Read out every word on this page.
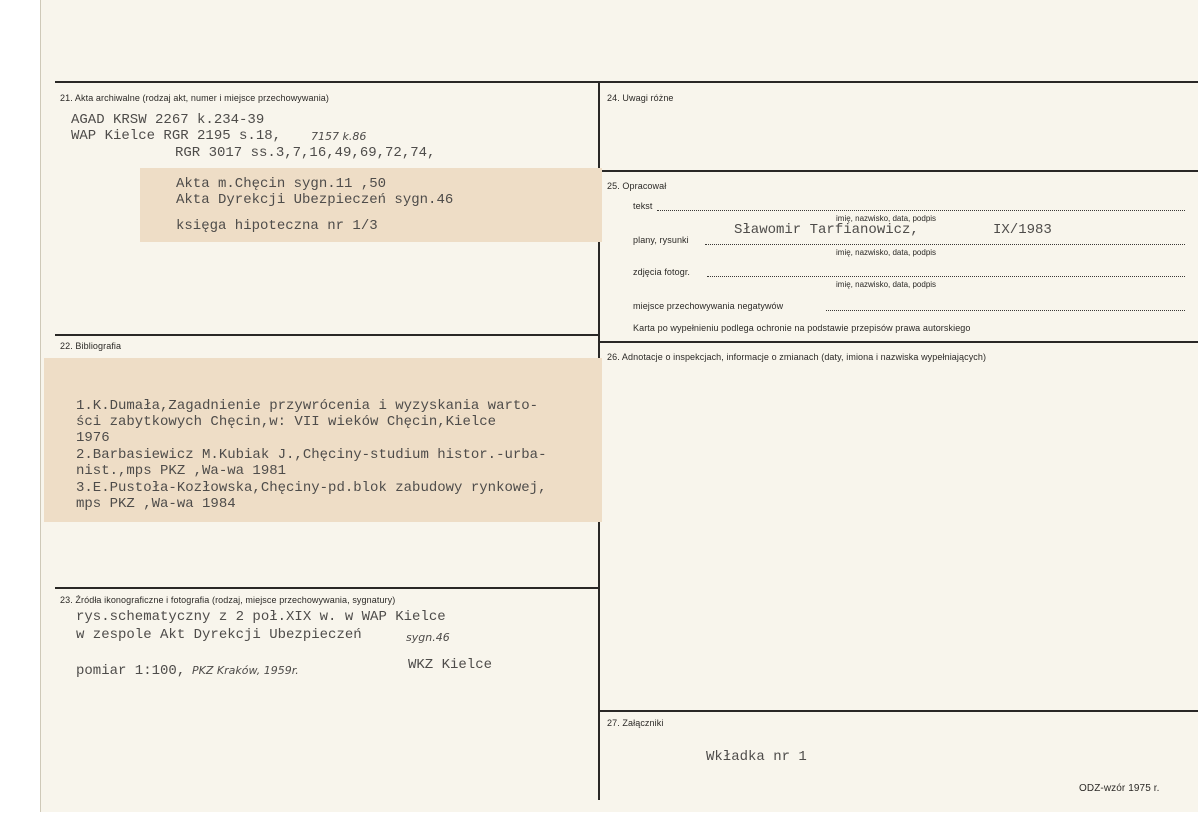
21. Akta archiwalne (rodzaj akt, numer i miejsce przechowywania)
AGAD KRSW 2267 k.234-39
WAP Kielce RGR 2195 s.18,	7157 k.86
RGR 3017 ss.3,7,16,49,69,72,74,
Akta m.Chęcin sygn.11 ,50
Akta Dyrekcji Ubezpieczeń sygn.46
księga hipoteczna nr 1/3
22. Bibliografia
1.K.Dumała,Zagadnienie przywrócenia i wyzyskania warto-
ści zabytkowych Chęcin,w: VII wieków Chęcin,Kielce
1976
2.Barbasiewicz M.Kubiak J.,Chęciny-studium histor.-urba-
nist.,mps PKZ ,Wa-wa 1981
3.E.Pustoła-Kozłowska,Chęciny-pd.blok zabudowy rynkowej,
mps PKZ ,Wa-wa 1984
23. Źródła ikonograficzne i fotografia (rodzaj, miejsce przechowywania, sygnatury)
rys.schematyczny z 2 poł.XIX w. w WAP Kielce
w zespole Akt Dyrekcji Ubezpieczeń	sygn.46
pomiar 1:100, PKZ Kraków, 1959r.	WKZ Kielce
24. Uwagi różne
25. Opracował
tekst
imię, nazwisko, data, podpis
plany, rysunki
Sławomir Tarfianowicz,	IX/1983
imię, nazwisko, data, podpis
zdjęcia fotogr.
imię, nazwisko, data, podpis
miejsce przechowywania negatywów
Karta po wypełnieniu podlega ochronie na podstawie przepisów prawa autorskiego
26. Adnotacje o inspekcjach, informacje o zmianach (daty, imiona i nazwiska wypełniających)
27. Załączniki
Wkładka nr 1
ODZ-wzór 1975 r.
